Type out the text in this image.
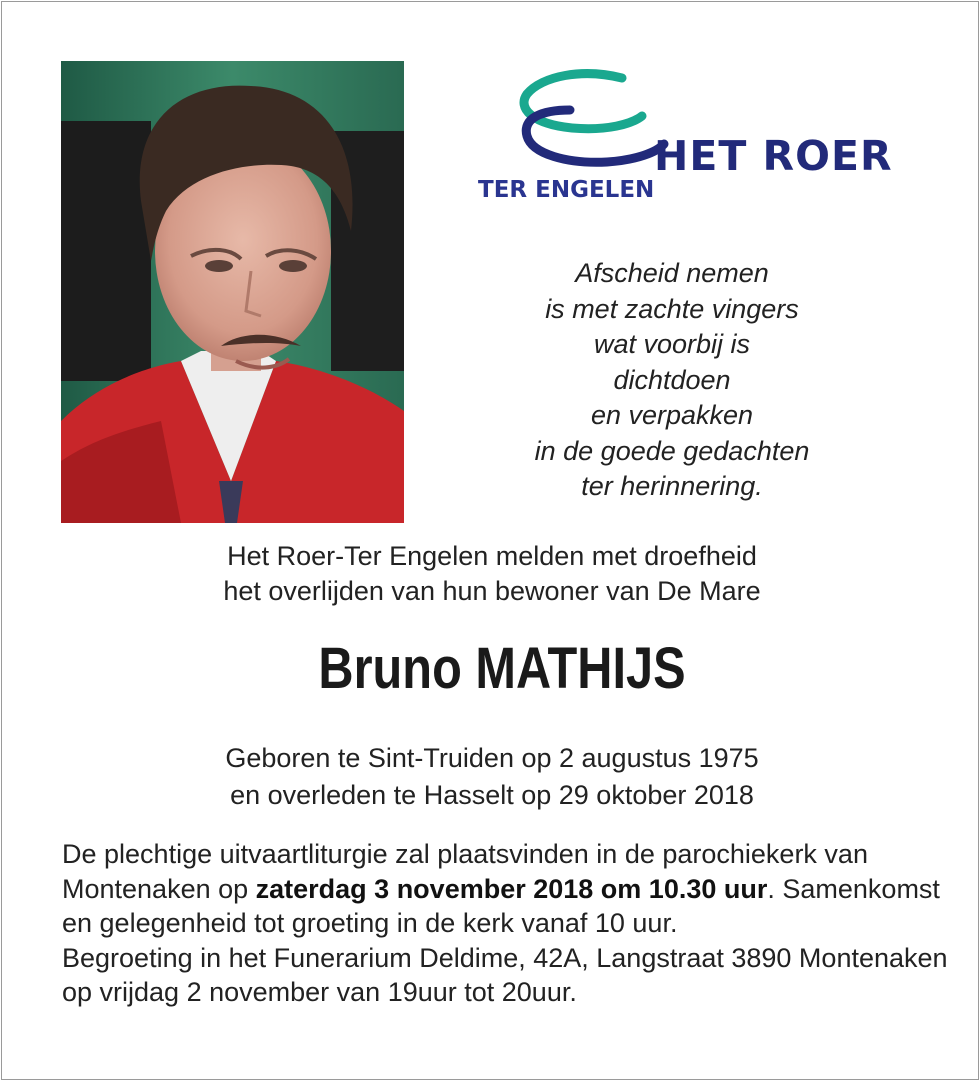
HET ROER
TER ENGELEN
Afscheid nemen
is met zachte vingers
wat voorbij is
dichtdoen
en verpakken
in de goede gedachten
ter herinnering.
Het Roer-Ter Engelen melden met droefheid
het overlijden van hun bewoner van De Mare
Bruno MATHIJS
Geboren te Sint-Truiden op 2 augustus 1975
en overleden te Hasselt op 29 oktober 2018
De plechtige uitvaartliturgie zal plaatsvinden in de parochiekerk van Montenaken op zaterdag 3 november 2018 om 10.30 uur. Samenkomst en gelegenheid tot groeting in de kerk vanaf 10 uur.
Begroeting in het Funerarium Deldime, 42A, Langstraat 3890 Montenaken op vrijdag 2 november van 19uur tot 20uur.
